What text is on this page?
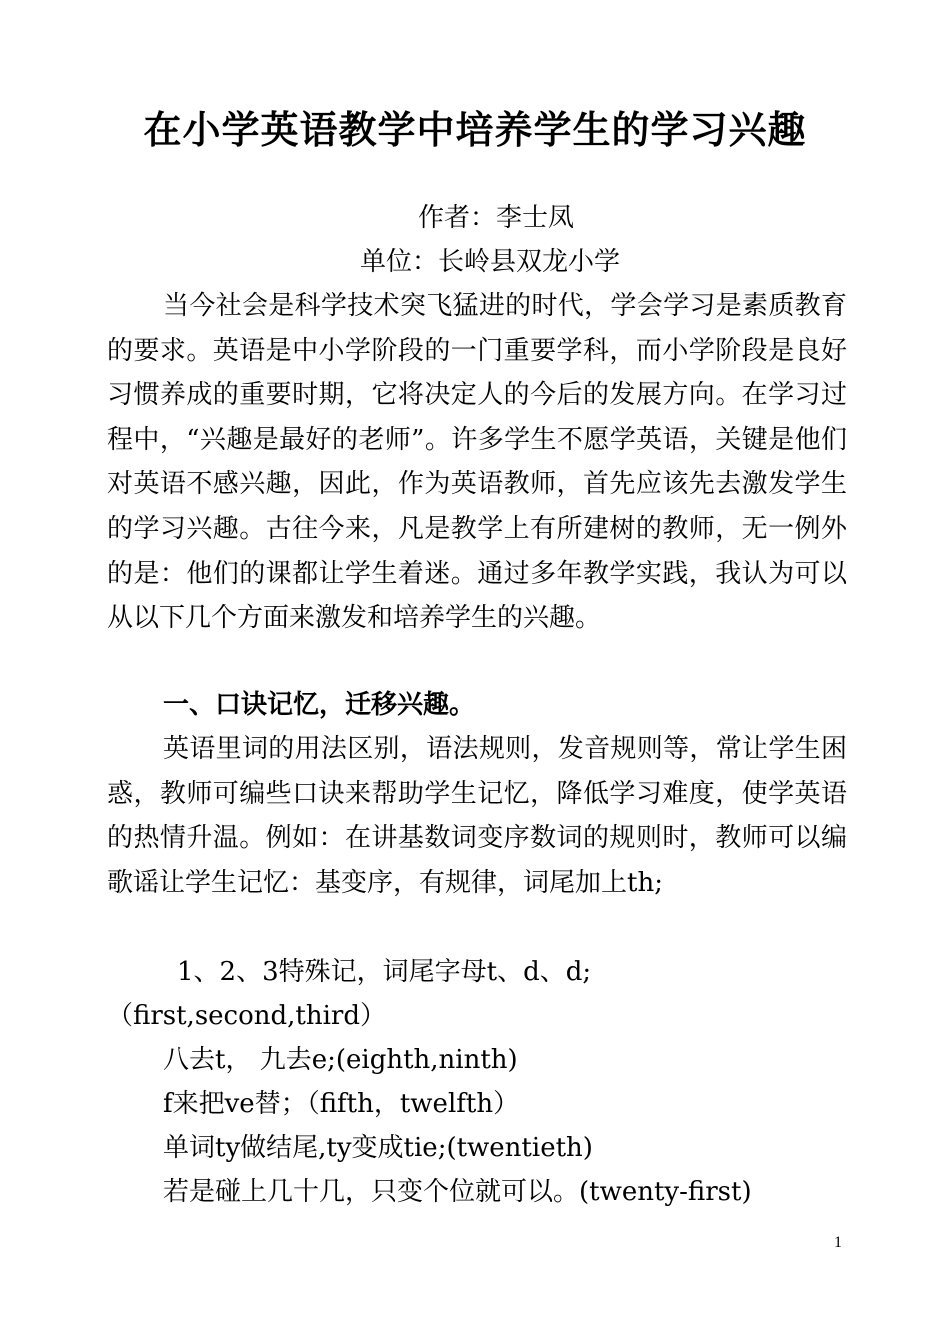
在小学英语教学中培养学生的学习兴趣
作者：李士凤
单位：长岭县双龙小学
当今社会是科学技术突飞猛进的时代，学会学习是素质教育的要求。英语是中小学阶段的一门重要学科，而小学阶段是良好习惯养成的重要时期，它将决定人的今后的发展方向。在学习过程中，“兴趣是最好的老师”。许多学生不愿学英语，关键是他们对英语不感兴趣，因此，作为英语教师，首先应该先去激发学生的学习兴趣。古往今来，凡是教学上有所建树的教师，无一例外的是：他们的课都让学生着迷。通过多年教学实践，我认为可以从以下几个方面来激发和培养学生的兴趣。
一、口诀记忆，迁移兴趣。
英语里词的用法区别，语法规则，发音规则等，常让学生困惑，教师可编些口诀来帮助学生记忆，降低学习难度，使学英语的热情升温。例如：在讲基数词变序数词的规则时，教师可以编歌谣让学生记忆：基变序，有规律，词尾加上th;
1、2、3特殊记，词尾字母t、d、d;
（first,second,third）
八去t， 九去e;(eighth,ninth)
f来把ve替；（fifth，twelfth）
单词ty做结尾,ty变成tie;(twentieth)
若是碰上几十几，只变个位就可以。(twenty-first)
1
